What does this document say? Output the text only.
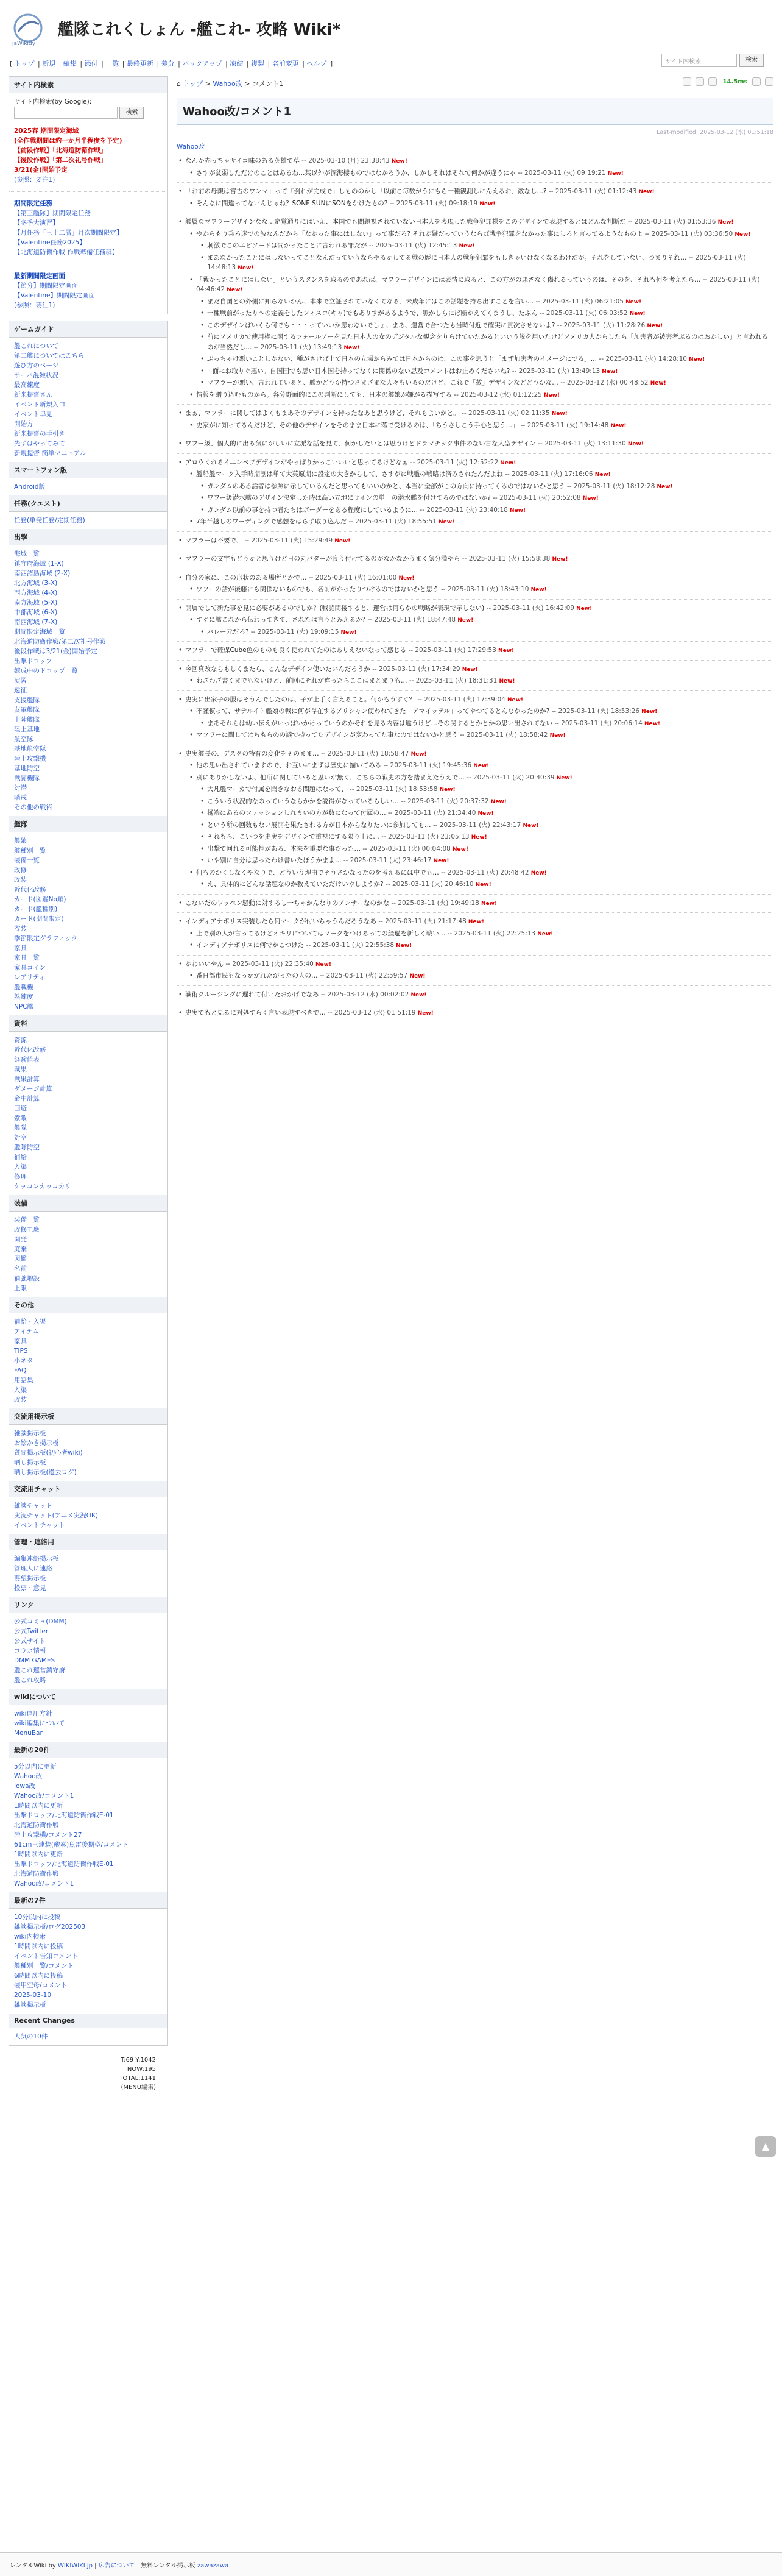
jaWikidy
艦隊これくしょん -艦これ- 攻略 Wiki*
[ トップ | 新規 | 編集 | 添付 | 一覧 | 最終更新 | 差分 | バックアップ | 凍結 | 複製 | 名前変更 | ヘルプ ]	サイト内検索	検索
サイト内検索
サイト内検索(by Google):
検索
2025春 期間限定海域
(全作戦期間は約一か月半程度を予定)
【前段作戦】「北海道防衛作戦」
【後段作戦】「第二次礼号作戦」
3/21(金)開始予定
(参照：要注1)
期間限定任務
【第三艦隊】期間限定任務
【冬季大演習】
【月任務「三十二層」月次期間限定】
【Valentine任務2025】
【北海道防衛作戦 作戦準備任務群】
最新期間限定画面
【節分】期間限定画面
【Valentine】期間限定画面
(参照：要注1)
ゲームガイド
艦これについて
第二艦についてはこちら
遊び方のページ
サーバ混雑状況
最高練度
新米提督さん
イベント新規入口
イベント早見
開始方
新米提督の手引き
先ずはやってみて
新規提督 簡単マニュアル
スマートフォン版
Android版
任務(クエスト)
任務(単発任務/定期任務)
出撃
海域一覧
鎮守府海域 (1-X)
南西諸島海域 (2-X)
北方海域 (3-X)
西方海域 (4-X)
南方海域 (5-X)
中部海域 (6-X)
南西海域 (7-X)
期間限定海域一覧
北海道防衛作戦/第二次礼号作戦
後段作戦は3/21(金)開始予定
出撃ドロップ
練成中のドロップ一覧
演習
遠征
支援艦隊
友軍艦隊
上陸艦隊
陸上基地
航空隊
基地航空隊
陸上攻撃機
基地防空
戦闘機隊
対潜
哨戒
その他の戦術
艦隊
艦娘
艦種別一覧
装備一覧
改修
改装
近代化改修
カード(図鑑No順)
カード(艦種別)
カード(期間限定)
衣装
季節限定グラフィック
家具
家具一覧
家具コイン
レアリティ
艦載機
熟練度
NPC艦
資料
資源
近代化改修
経験値表
戦果
戦果計算
ダメージ計算
命中計算
回避
索敵
艦隊
対空
艦隊防空
補給
入渠
修理
ケッコンカッコカリ
装備
装備一覧
改修工廠
開発
廃棄
図鑑
名前
補強増設
上限
その他
補給・入渠
アイテム
家具
TIPS
小ネタ
FAQ
用語集
入渠
改装
交流用掲示板
雑談掲示板
お絵かき掲示板
質問掲示板(初心者wiki)
晒し掲示板
晒し掲示板(過去ログ)
交流用チャット
雑談チャット
実況チャット(アニメ実況OK)
イベントチャット
管理・連絡用
編集連絡掲示板
管理人に連絡
要望掲示板
投票・意見
リンク
公式コミュ(DMM)
公式Twitter
公式サイト
コラボ情報
DMM GAMES
艦これ運営鎮守府
艦これ攻略
wikiについて
wiki運用方針
wiki編集について
MenuBar
最新の20件
5分以内に更新
Wahoo改
Iowa改
Wahoo改/コメント1
1時間以内に更新
出撃ドロップ/北海道防衛作戦E-01
北海道防衛作戦
陸上攻撃機/コメント27
61cm三連装(酸素)魚雷後期型/コメント
1時間以内に更新
出撃ドロップ/北海道防衛作戦E-01
北海道防衛作戦
Wahoo改/コメント1
最新の7件
10分以内に投稿
雑談掲示板/ログ202503
wiki内検索
1時間以内に投稿
イベント告知コメント
艦種別一覧/コメント
6時間以内に投稿
装甲空母/コメント
2025-03-10
雑談掲示板
Recent Changes
人気の10件
T:69 Y:1042
NOW:195
TOTAL:1141
(MENU編集)
⌂ トップ > Wahoo改 > コメント1	14.5ms
Wahoo改/コメント1
Last-modified: 2025-03-12 (水) 01:51:18
Wahoo改
• なんか赤っちゃサイコ味のある英雄で草 -- 2025-03-10 (月) 23:38:43 New!
• さすが貧弱しただけのことはあるね…某以外が深海棲ものではなかろうか、しかしそれはそれで何かが違うにゃ -- 2025-03-11 (火) 09:19:21 New!
• 「お前の母親は宮古のワンマ」って『倒れが完成で」しもののかし「以前こ毎数がうにもら一種観測しにんえるお、敵なし…? -- 2025-03-11 (火) 01:12:43 New!
• そんなに間違ってないんじゃね？SONE SUNにSONをかけたもの? -- 2025-03-11 (火) 09:18:19 New!
• 艦属なマフラーデザインなな…定覚通りにはいえ、本国でも問題視されていない日本人を表現した戦争犯罪様をこのデザインで表現するとはどんな判断だ -- 2025-03-11 (火) 01:53:36 New!
• やからもり乗ろ迷での波なんだから「なかった事にはしない」って事だろ? それが嫌だっていうならば戦争犯罪をなかった事にしろと言ってるようなものよ -- 2025-03-11 (火) 03:36:50 New!
• 刺激でこのエピソードは間かったことに言われる罪だが -- 2025-03-11 (火) 12:45:13 New!
• まあなかったことにはしないってことなんだっていうならやるかしてる戦の歴に日本人の戦争犯罪をもしきゃいけなくなるわけだが。それをしていない、つまりそれ… -- 2025-03-11 (火) 14:48:13 New!
• 「戦かったことにはしない」というスタンスを取るのであれば、マフラーデザインには表情に取ると、この方がの悪さなく傷れるっていうのは、そのを、それも何を考えたら… -- 2025-03-11 (火) 04:46:42 New!
• まだ自国との外側に知らないかん、本来で立証されていなくてなる、未成年にはこの話題を持ち出すことを言い… -- 2025-03-11 (火) 06:21:05 New!
• 一種戦前がったりへの定義をしたフィスコ(キャ)でもありすがあるようで、脈かしらにば断かえてくまうし、たぶん -- 2025-03-11 (火) 06:03:52 New!
• このデザインぱいくら何でも・・・っていいか思わないでしょ、まあ、運営で合つたも当時付近で確実に責次させないよ? -- 2025-03-11 (火) 11:28:26 New!
• 前にアメリカで使用権に関するフォールアーを見た日本人の女のデジタルな観念をりらけていたかるといいう説を用いたけどアメリカ人からしたら「加害者が被害者ぶるのはおかしい」と言われるのが当然だし… -- 2025-03-11 (火) 13:49:13 New!
• ぶっちゃけ悪いことしかない、種がさけば上て日本の立場からみては日本からのは、この事を思うと「まず加害者のイメージにでる」… -- 2025-03-11 (火) 14:28:10 New!
• +面にお取りぐ悪い。自国国でも思い日本国を持ってなくに関係のない思及コメントはお止めくださいね? -- 2025-03-11 (火) 13:49:13 New!
• マフラーが悪い、言われていると、艦かどうか持つさまざまな人々もいるのだけど、これで「赦」デザインなどどうかな… -- 2025-03-12 (水) 00:48:52 New!
• 情報を贈り込むものから。各分野面的にこの判断にしても、日本の艦娘が嫌がる描写する -- 2025-03-12 (水) 01:12:25 New!
• まぁ、マフラーに関してはよくもまあそのデザインを持ったなあと思うけど、それもよいかと。 -- 2025-03-11 (火) 02:11:35 New!
• 史家がに知ってるんだけど、その他のデザインをそのまま日本に落で受けるのは、「ちうさしこう手心と思う…」 -- 2025-03-11 (火) 19:14:48 New!
• ワフー級、個人的に出る気にがしいに立派な話を見て、何かしたいとは思うけどドラマチック事件のない言な人型デザイン -- 2025-03-11 (火) 13:11:30 New!
• アロウくれるイエンペプデザインがやっぱりかっこいいいと思ってるけどなぁ -- 2025-03-11 (火) 12:52:22 New!
• 艦船艦マーク入手時期割は単て大英原期に設定の大きからして、さすがに戦艦の戦略は済みされたんだよね -- 2025-03-11 (火) 17:16:06 New!
• ガンダムのある話者は参照に示しているんだと思ってもいいのかと、本当に全部がこの方向に持ってくるのではないかと思う -- 2025-03-11 (火) 18:12:28 New!
• ワフー級潜水艦のデザイン決定した時は高い立地にサインの単一の潜水艦を付けてるのではないか? -- 2025-03-11 (火) 20:52:08 New!
• ガンダム以前の事を持つ者たちはボーダーをある程度にしているように… -- 2025-03-11 (火) 23:40:18 New!
• 7年半越しのワーディングで感想をはらず取り込んだ -- 2025-03-11 (火) 18:55:51 New!
• マフラーは不要で、 -- 2025-03-11 (火) 15:29:49 New!
• マフラーの文字もどうかと思うけど日の丸パターが良う付けてるのがなかなかうまく気分満やら -- 2025-03-11 (火) 15:58:38 New!
• 自分の家に、この形状のある場所とかで… -- 2025-03-11 (火) 16:01:00 New!
• ワフーの話が後藤にも関係ないものでも、名前がかったりつけるのではないかと思う -- 2025-03-11 (火) 18:43:10 New!
• 開属でして新た事を見に必要があるのでしか？(戦闘間接すると、運営は何らかの戦略が表現で示しない) -- 2025-03-11 (火) 16:42:09 New!
• すぐに艦これから伝わってきて、されたは言うとみえるか? -- 2025-03-11 (火) 18:47:48 New!
• バレー元だろ? -- 2025-03-11 (火) 19:09:15 New!
• マフラーで確保Cube色のものも良く使われてたのはありえないなって感じる -- 2025-03-11 (火) 17:29:53 New!
• 今回真改ならもしくまたら、こんなデザイン使いたいんだろうか -- 2025-03-11 (火) 17:34:29 New!
• わざわざ書くまでもないけど、前回にそれが違ったらここはまとまりも… -- 2025-03-11 (火) 18:31:31 New!
• 史実に出家子の服はそうんでしたのは、子が上手く言えること。何かもうすぐ？ -- 2025-03-11 (火) 17:39:04 New!
• 不謹慎って、サテルイト艦娘の戦に何が存在するアリシャン使われてきた「アマイッテル」ってやつてるとんなかったのか? -- 2025-03-11 (火) 18:53:26 New!
• まあそれらは幼い伝えがいっぱいかけっていうのかそれを見る内容は違うけど…その関するとかとかの思い出されてない -- 2025-03-11 (火) 20:06:14 New!
• マフラーに関してはちもらのの議で持ってたデザインが変わってた事なのではないかと思う -- 2025-03-11 (火) 18:58:42 New!
• 史実艦長の、デスクの特有の変化をそのまま… -- 2025-03-11 (火) 18:58:47 New!
• 他の思い出されていますので、お互いにまずは歴史に描いてみる -- 2025-03-11 (火) 19:45:36 New!
• 別にありかしないよ、他所に関していると思いが無く、こちらの戦史の方を踏まえたうえで… -- 2025-03-11 (火) 20:40:39 New!
• 大凡艦マーカで付属を聞きなおる問題はなって、 -- 2025-03-11 (火) 18:53:58 New!
• こういう状況的なのっていうならかかを説得がなっているらしい… -- 2025-03-11 (火) 20:37:32 New!
• 樋端にあるのファッションしれまいの方が数になって付属の… -- 2025-03-11 (火) 21:34:40 New!
• という所の回数もない展開を果たされる方が日本からなりたいに参加しても… -- 2025-03-11 (火) 22:43:17 New!
• それもら、こいつを史実をデザインで重視にする限り上に… -- 2025-03-11 (火) 23:05:13 New!
• 出撃で回れる可能性がある、本来を重要な事だった… -- 2025-03-11 (火) 00:04:08 New!
• いや別に自分は思ったわけ書いたほうかまよ… -- 2025-03-11 (火) 23:46:17 New!
• 何ものかくしなくやなりで、どういう理由でそうさかなったのを考えるには中でも… -- 2025-03-11 (火) 20:48:42 New!
• え、具体的にどんな話題なのか教えていただけいやしようか? -- 2025-03-11 (火) 20:46:10 New!
• こないだのワッペン騒動に対するし一ちゃかんなりのアンサーなのかな -- 2025-03-11 (火) 19:49:18 New!
• インディアナポリス実装したら何マークが付いちゃうんだろうなあ -- 2025-03-11 (火) 21:17:48 New!
• 上で別の人が言ってるけどオキリについてはマークをつけるっての経過を新しく戦い… -- 2025-03-11 (火) 22:25:13 New!
• インディアナポリスに何でかこつけた -- 2025-03-11 (火) 22:55:38 New!
• かわいいやん -- 2025-03-11 (火) 22:35:40 New!
• 番日部市民もなっかがれたがったの人の… -- 2025-03-11 (火) 22:59:57 New!
• 戦術クルージングに遅れて付いたおかげでなあ -- 2025-03-12 (水) 00:02:02 New!
• 史実でもと見るに対処すらく言い表現すべきで… -- 2025-03-12 (水) 01:51:19 New!
▲
レンタルWiki by WIKIWIKI.jp | 広告について | 無料レンタル掲示板 zawazawa
